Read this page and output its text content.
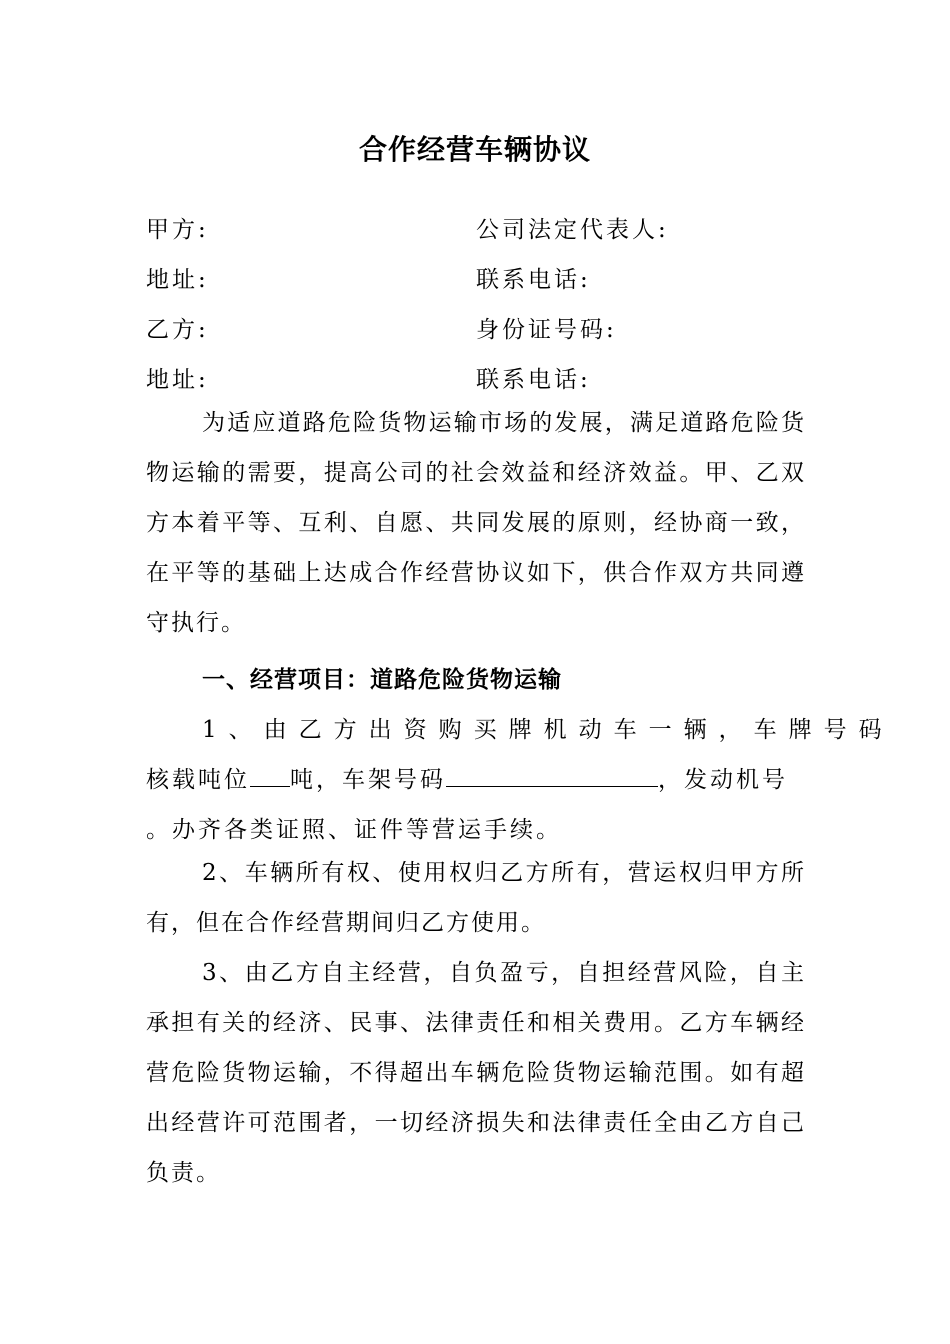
合作经营车辆协议
甲方:	公司法定代表人:
地址:	联系电话:
乙方:	身份证号码:
地址:	联系电话:
为适应道路危险货物运输市场的发展，满足道路危险货物运输的需要，提高公司的社会效益和经济效益。甲、乙双方本着平等、互利、自愿、共同发展的原则，经协商一致，在平等的基础上达成合作经营协议如下，供合作双方共同遵守执行。
一、经营项目：道路危险货物运输
1、由乙方出资购买牌机动车一辆，车牌号码
核载吨位 吨，车架号码	，发动机号
。办齐各类证照、证件等营运手续。
2、车辆所有权、使用权归乙方所有，营运权归甲方所有，但在合作经营期间归乙方使用。
3、由乙方自主经营，自负盈亏，自担经营风险，自主承担有关的经济、民事、法律责任和相关费用。乙方车辆经营危险货物运输，不得超出车辆危险货物运输范围。如有超出经营许可范围者，一切经济损失和法律责任全由乙方自己负责。
